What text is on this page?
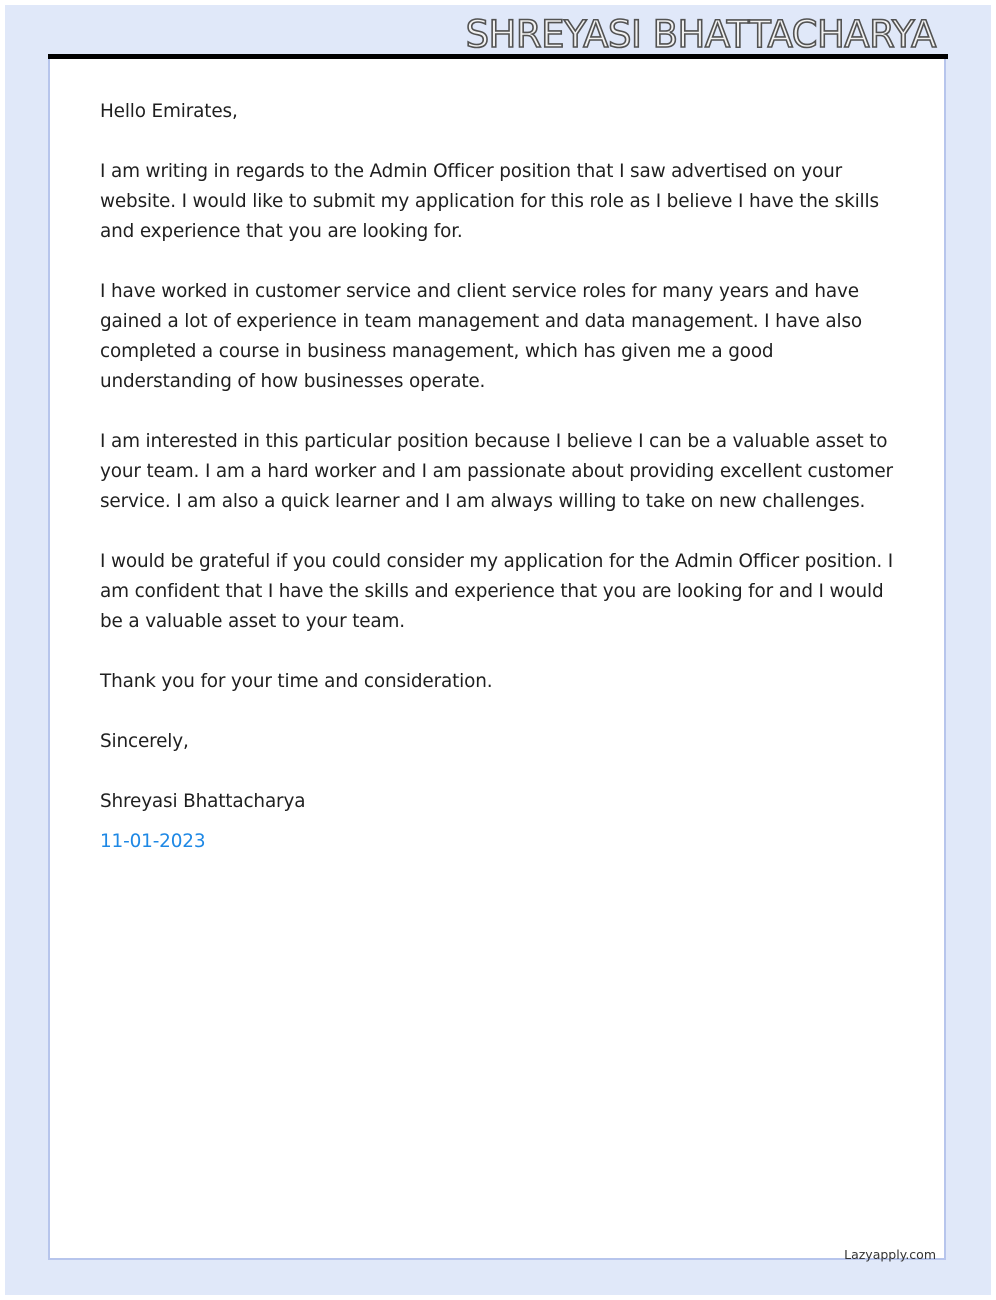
SHREYASI BHATTACHARYA

Hello Emirates,

I am writing in regards to the Admin Officer position that I saw advertised on your website. I would like to submit my application for this role as I believe I have the skills and experience that you are looking for.

I have worked in customer service and client service roles for many years and have gained a lot of experience in team management and data management. I have also completed a course in business management, which has given me a good understanding of how businesses operate.

I am interested in this particular position because I believe I can be a valuable asset to your team. I am a hard worker and I am passionate about providing excellent customer service. I am also a quick learner and I am always willing to take on new challenges.

I would be grateful if you could consider my application for the Admin Officer position. I am confident that I have the skills and experience that you are looking for and I would be a valuable asset to your team.

Thank you for your time and consideration.

Sincerely,

Shreyasi Bhattacharya

11-01-2023
Lazyapply.com
